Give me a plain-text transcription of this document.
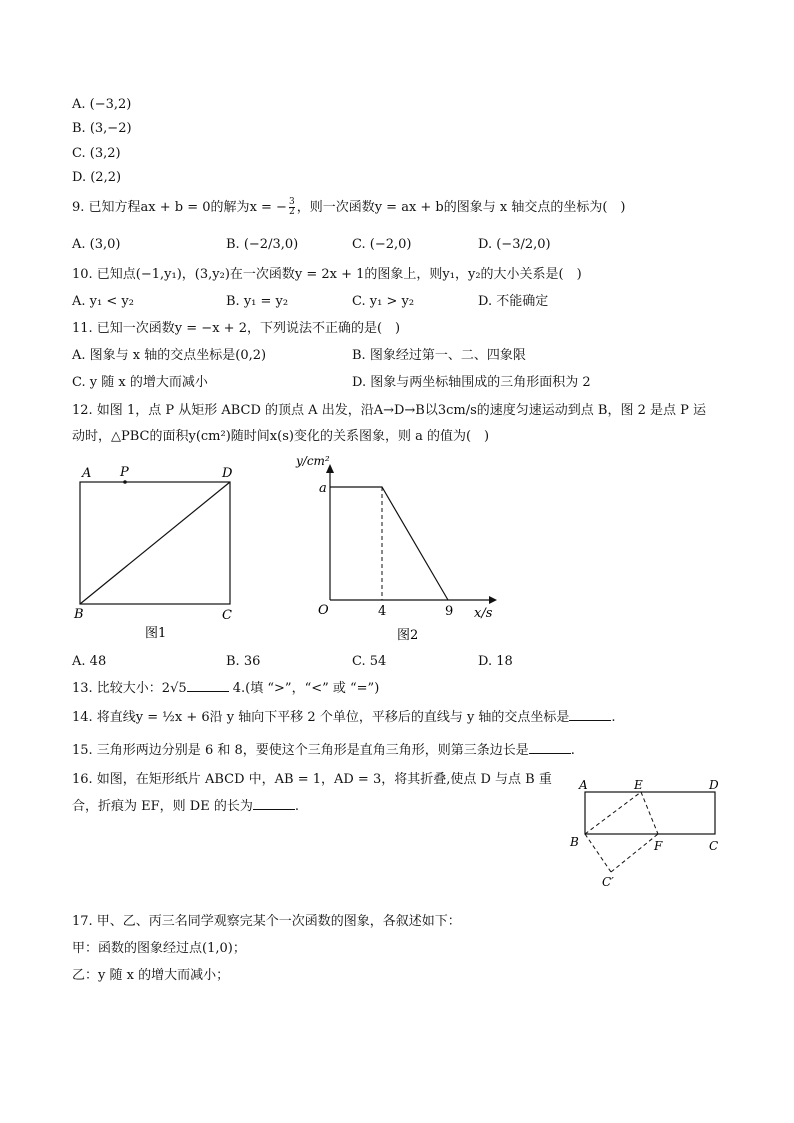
A. (−3,2)
B. (3,−2)
C. (3,2)
D. (2,2)
9. 已知方程ax + b = 0的解为x = − $\frac{3}{2}$ ，则一次函数y = ax + b的图象与 x 轴交点的坐标为(　)
A. (3,0)	B. (−2/3,0)	C. (−2,0)	D. (−3/2,0)
10. 已知点(−1,y₁)，(3,y₂)在一次函数y = 2x + 1的图象上，则y₁，y₂的大小关系是(　)
A. y₁ < y₂	B. y₁ = y₂	C. y₁ > y₂	D. 不能确定
11. 已知一次函数y = −x + 2，下列说法不正确的是(　)
A. 图象与 x 轴的交点坐标是(0,2)	B. 图象经过第一、二、四象限
C. y 随 x 的增大而减小	D. 图象与两坐标轴围成的三角形面积为 2
12. 如图 1，点 P 从矩形 ABCD 的顶点 A 出发，沿A→D→B以3cm/s的速度匀速运动到点 B，图 2 是点 P 运
动时，△PBC的面积y(cm²)随时间x(s)变化的关系图象，则 a 的值为(　)
A P	D
B	C
图1
y/cm²
a
O	4	9 x/s
图2
A. 48	B. 36	C. 54	D. 18
13. 比较大小：2√5	4.(填 “>”，“<” 或 “=”)
14. 将直线y = ½x + 6沿 y 轴向下平移 2 个单位，平移后的直线与 y 轴的交点坐标是	.
15. 三角形两边分别是 6 和 8，要使这个三角形是直角三角形，则第三条边长是	.
16. 如图，在矩形纸片 ABCD 中，AB = 1，AD = 3，将其折叠,使点 D 与点 B 重
合，折痕为 EF，则 DE 的长为	.
A	E	D
B	F	C
C′
17. 甲、乙、丙三名同学观察完某个一次函数的图象，各叙述如下：
甲：函数的图象经过点(1,0)；
乙：y 随 x 的增大而减小；
